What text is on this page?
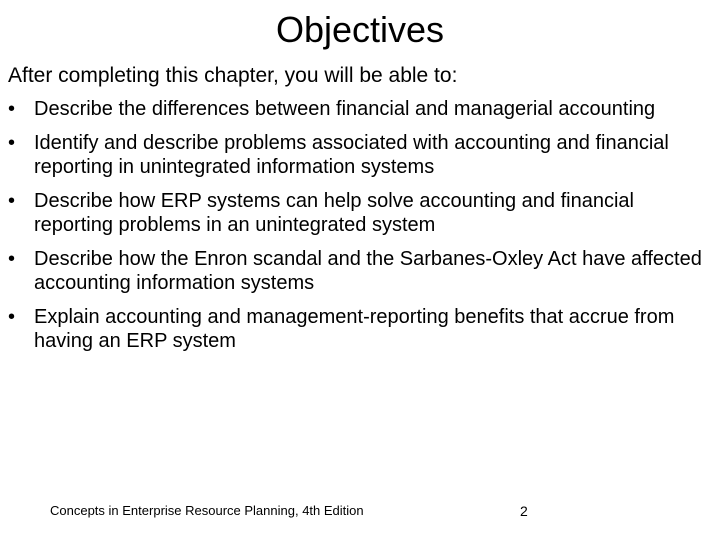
Objectives
After completing this chapter, you will be able to:
• Describe the differences between financial and managerial accounting
• Identify and describe problems associated with accounting and financial reporting in unintegrated information systems
• Describe how ERP systems can help solve accounting and financial reporting problems in an unintegrated system
• Describe how the Enron scandal and the Sarbanes-Oxley Act have affected accounting information systems
• Explain accounting and management-reporting benefits that accrue from having an ERP system
Concepts in Enterprise Resource Planning, 4th Edition	2
